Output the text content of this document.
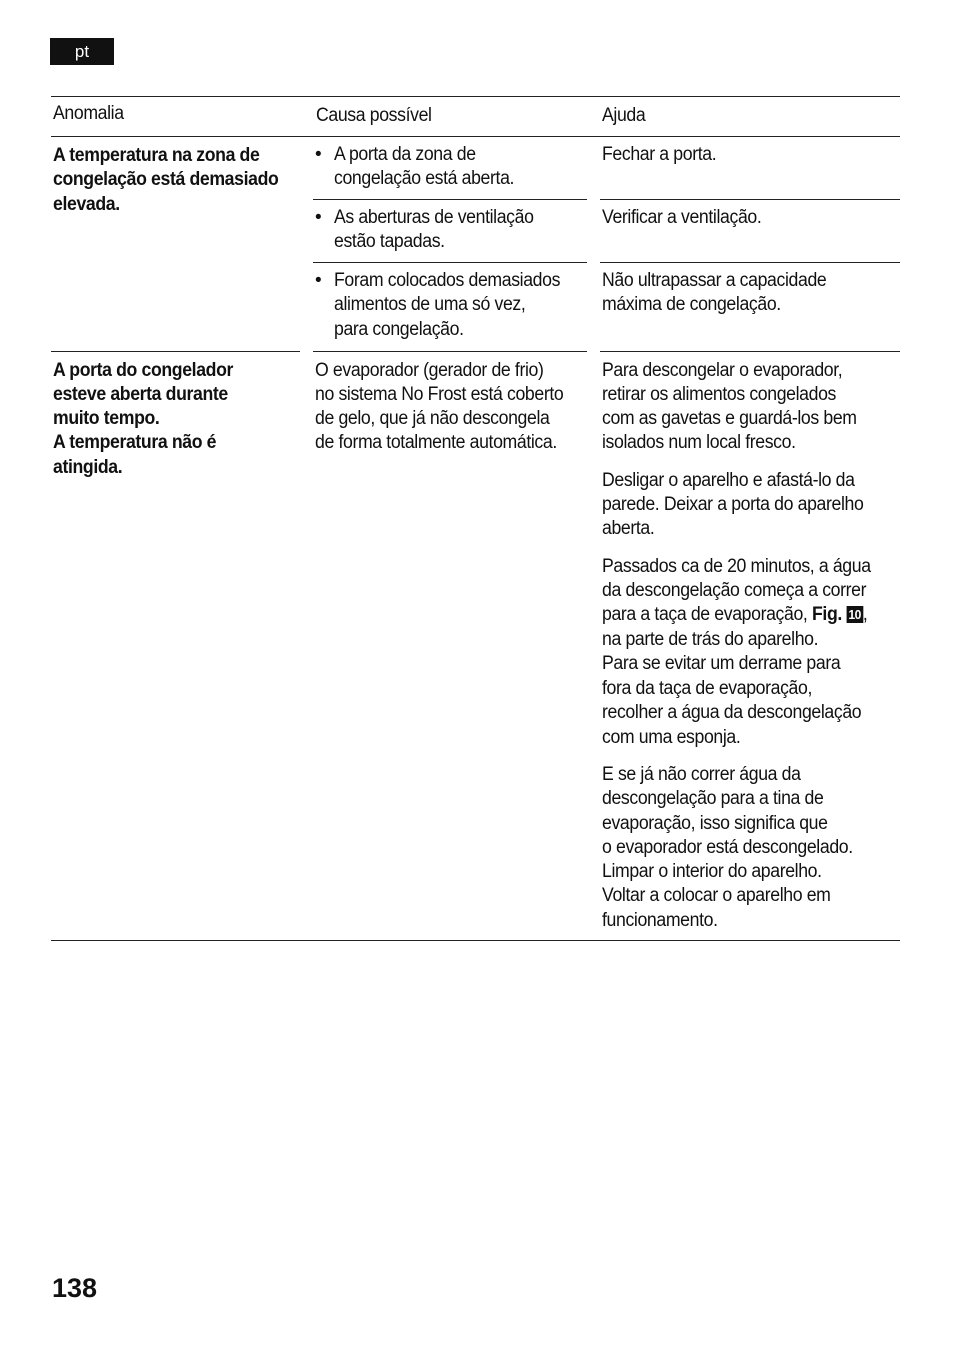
pt
Anomalia	Causa possível	Ajuda
A temperatura na zona de
congelação está demasiado
elevada.
• A porta da zona de
congelação está aberta.
• As aberturas de ventilação
estão tapadas.
• Foram colocados demasiados
alimentos de uma só vez,
para congelação.
Fechar a porta.
Verificar a ventilação.
Não ultrapassar a capacidade
máxima de congelação.
A porta do congelador
esteve aberta durante
muito tempo.
A temperatura não é
atingida.
O evaporador (gerador de frio)
no sistema No Frost está coberto
de gelo, que já não descongela
de forma totalmente automática.
Para descongelar o evaporador,
retirar os alimentos congelados
com as gavetas e guardá-los bem
isolados num local fresco.
Desligar o aparelho e afastá-lo da
parede. Deixar a porta do aparelho
aberta.
Passados ca de 20 minutos, a água
da descongelação começa a correr
para a taça de evaporação, Fig. 10,
na parte de trás do aparelho.
Para se evitar um derrame para
fora da taça de evaporação,
recolher a água da descongelação
com uma esponja.
E se já não correr água da
descongelação para a tina de
evaporação, isso significa que
o evaporador está descongelado.
Limpar o interior do aparelho.
Voltar a colocar o aparelho em
funcionamento.
138
